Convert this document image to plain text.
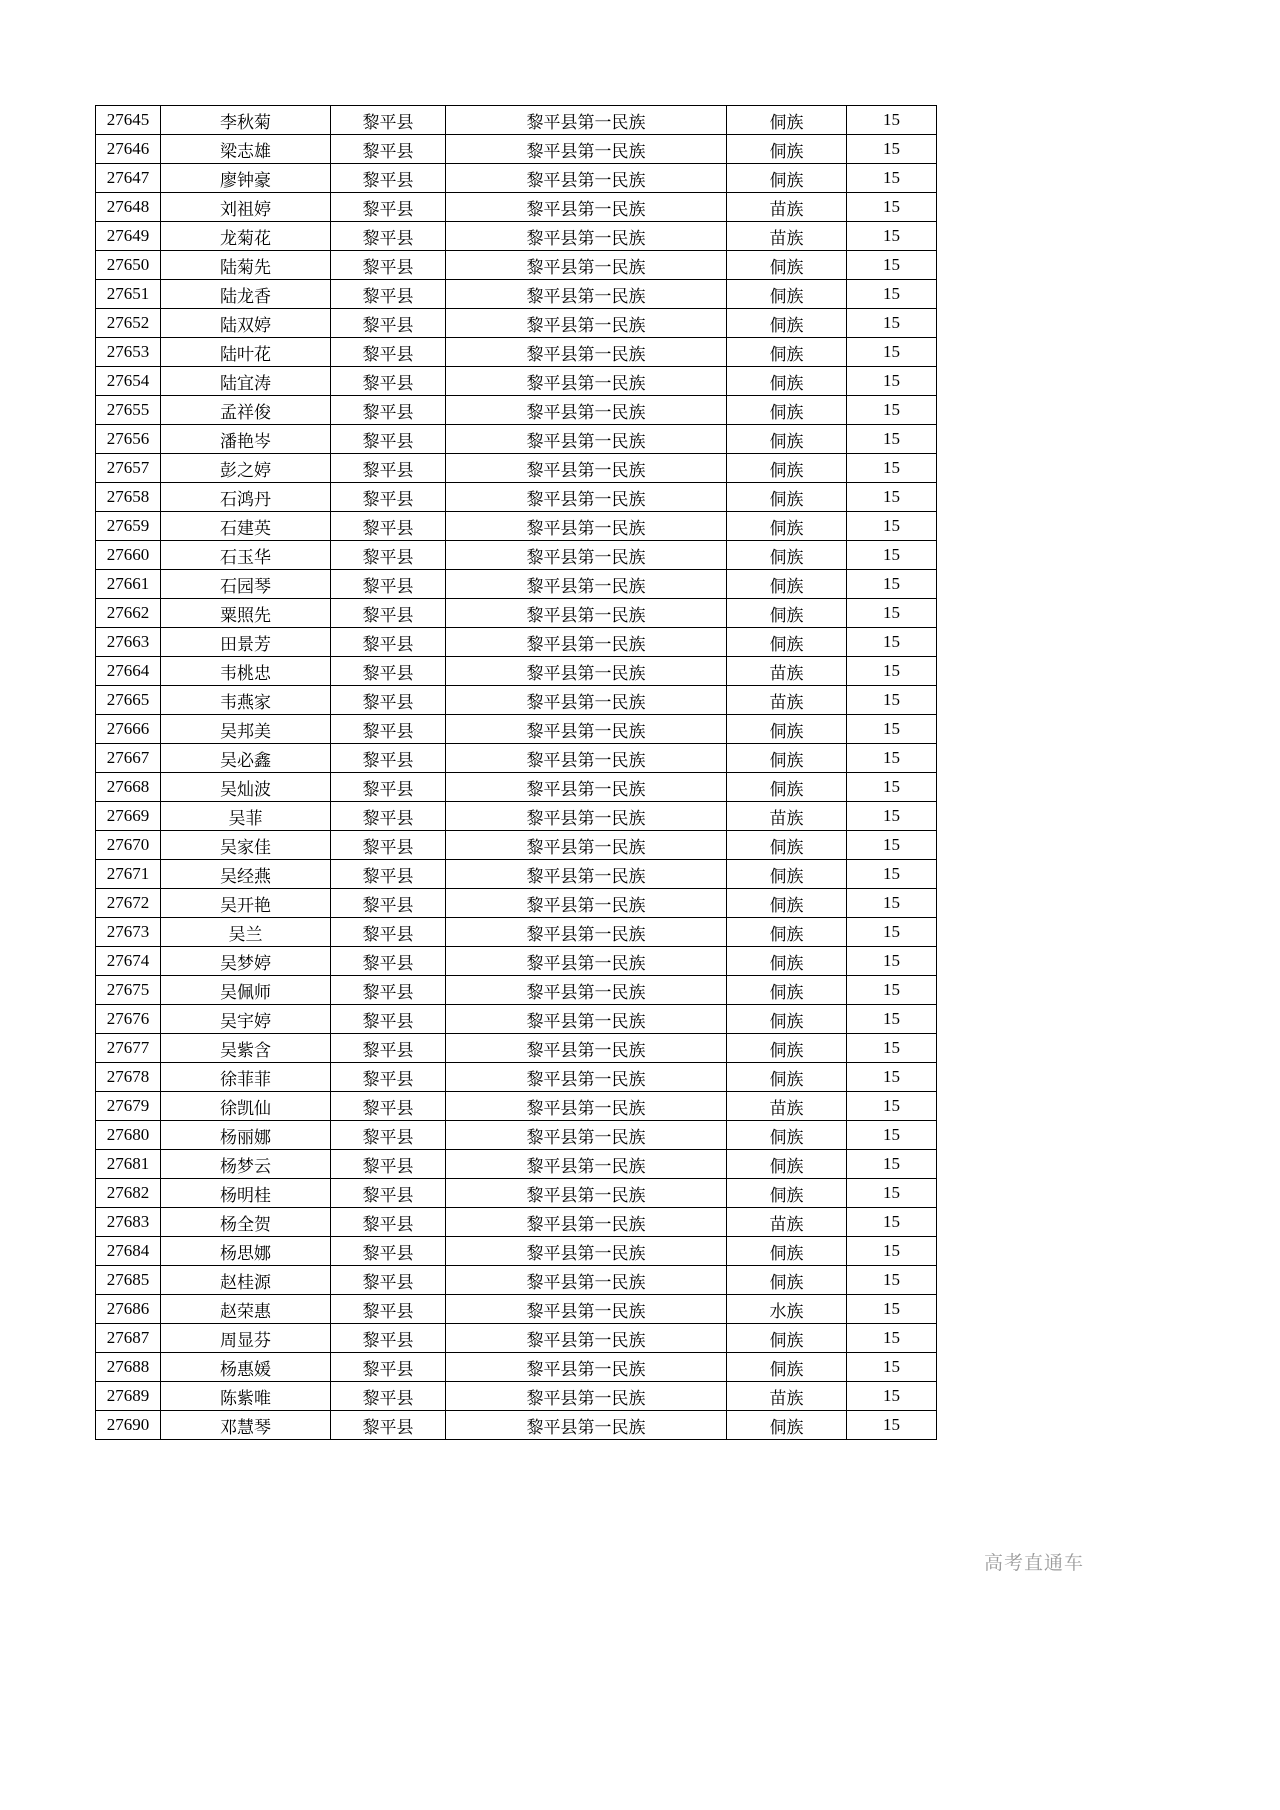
27645	李秋菊	黎平县	黎平县第一民族	侗族	15
27646	梁志雄	黎平县	黎平县第一民族	侗族	15
27647	廖钟豪	黎平县	黎平县第一民族	侗族	15
27648	刘祖婷	黎平县	黎平县第一民族	苗族	15
27649	龙菊花	黎平县	黎平县第一民族	苗族	15
27650	陆菊先	黎平县	黎平县第一民族	侗族	15
27651	陆龙香	黎平县	黎平县第一民族	侗族	15
27652	陆双婷	黎平县	黎平县第一民族	侗族	15
27653	陆叶花	黎平县	黎平县第一民族	侗族	15
27654	陆宜涛	黎平县	黎平县第一民族	侗族	15
27655	孟祥俊	黎平县	黎平县第一民族	侗族	15
27656	潘艳岑	黎平县	黎平县第一民族	侗族	15
27657	彭之婷	黎平县	黎平县第一民族	侗族	15
27658	石鸿丹	黎平县	黎平县第一民族	侗族	15
27659	石建英	黎平县	黎平县第一民族	侗族	15
27660	石玉华	黎平县	黎平县第一民族	侗族	15
27661	石园琴	黎平县	黎平县第一民族	侗族	15
27662	粟照先	黎平县	黎平县第一民族	侗族	15
27663	田景芳	黎平县	黎平县第一民族	侗族	15
27664	韦桃忠	黎平县	黎平县第一民族	苗族	15
27665	韦燕家	黎平县	黎平县第一民族	苗族	15
27666	吴邦美	黎平县	黎平县第一民族	侗族	15
27667	吴必鑫	黎平县	黎平县第一民族	侗族	15
27668	吴灿波	黎平县	黎平县第一民族	侗族	15
27669	吴菲	黎平县	黎平县第一民族	苗族	15
27670	吴家佳	黎平县	黎平县第一民族	侗族	15
27671	吴经燕	黎平县	黎平县第一民族	侗族	15
27672	吴开艳	黎平县	黎平县第一民族	侗族	15
27673	吴兰	黎平县	黎平县第一民族	侗族	15
27674	吴梦婷	黎平县	黎平县第一民族	侗族	15
27675	吴佩师	黎平县	黎平县第一民族	侗族	15
27676	吴宇婷	黎平县	黎平县第一民族	侗族	15
27677	吴紫含	黎平县	黎平县第一民族	侗族	15
27678	徐菲菲	黎平县	黎平县第一民族	侗族	15
27679	徐凯仙	黎平县	黎平县第一民族	苗族	15
27680	杨丽娜	黎平县	黎平县第一民族	侗族	15
27681	杨梦云	黎平县	黎平县第一民族	侗族	15
27682	杨明桂	黎平县	黎平县第一民族	侗族	15
27683	杨全贺	黎平县	黎平县第一民族	苗族	15
27684	杨思娜	黎平县	黎平县第一民族	侗族	15
27685	赵桂源	黎平县	黎平县第一民族	侗族	15
27686	赵荣惠	黎平县	黎平县第一民族	水族	15
27687	周显芬	黎平县	黎平县第一民族	侗族	15
27688	杨惠媛	黎平县	黎平县第一民族	侗族	15
27689	陈紫唯	黎平县	黎平县第一民族	苗族	15
27690	邓慧琴	黎平县	黎平县第一民族	侗族	15
高考直通车
